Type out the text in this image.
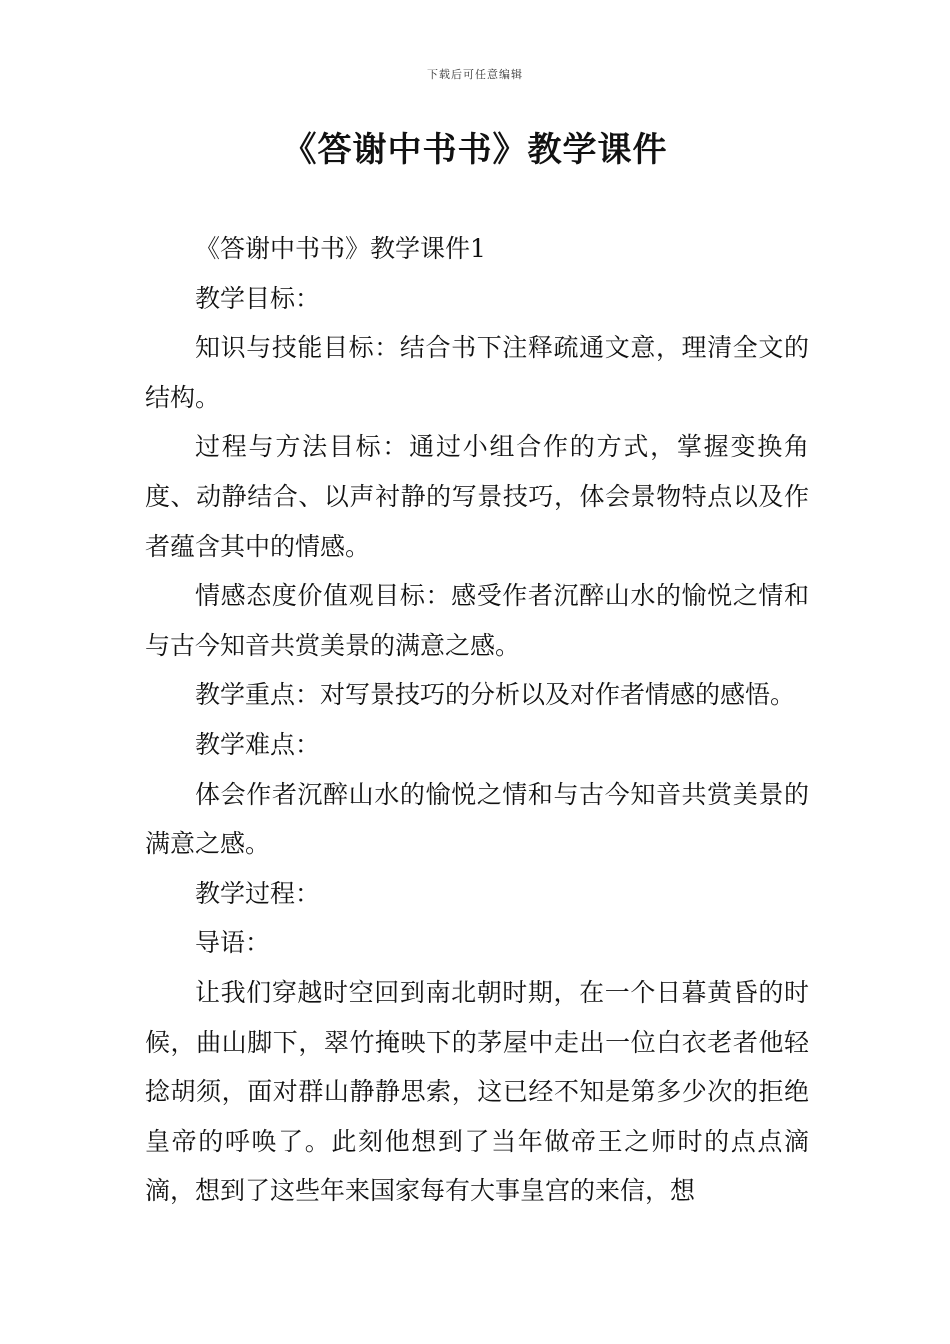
下载后可任意编辑
《答谢中书书》教学课件

《答谢中书书》教学课件1

教学目标：

知识与技能目标：结合书下注释疏通文意，理清全文的结构。

过程与方法目标：通过小组合作的方式，掌握变换角度、动静结合、以声衬静的写景技巧，体会景物特点以及作者蕴含其中的情感。

情感态度价值观目标：感受作者沉醉山水的愉悦之情和与古今知音共赏美景的满意之感。

教学重点：对写景技巧的分析以及对作者情感的感悟。

教学难点：

体会作者沉醉山水的愉悦之情和与古今知音共赏美景的满意之感。

教学过程：

导语：

让我们穿越时空回到南北朝时期，在一个日暮黄昏的时候，曲山脚下，翠竹掩映下的茅屋中走出一位白衣老者他轻捻胡须，面对群山静静思索，这已经不知是第多少次的拒绝皇帝的呼唤了。此刻他想到了当年做帝王之师时的点点滴滴，想到了这些年来国家每有大事皇宫的来信，想
